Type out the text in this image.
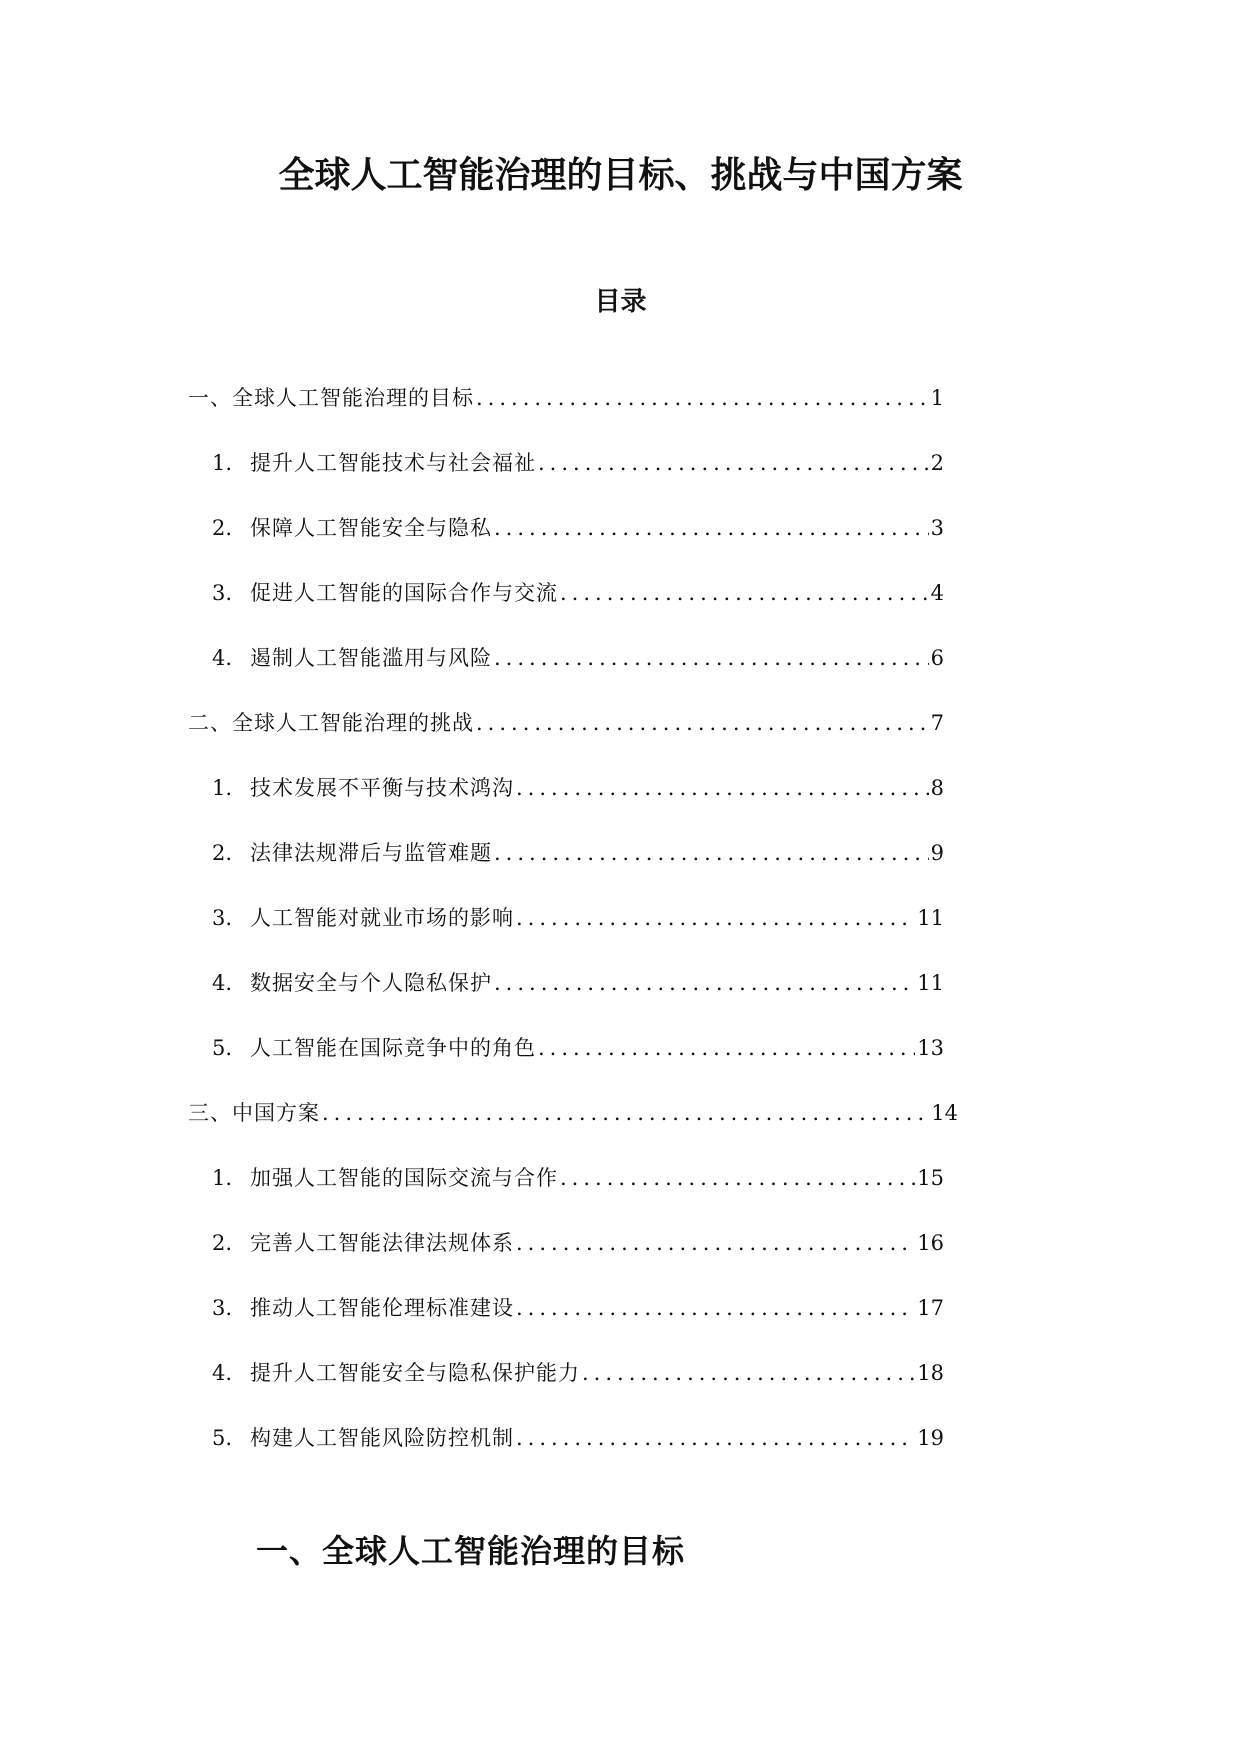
全球人工智能治理的目标、挑战与中国方案
目录
一、全球人工智能治理的目标 .....	1
1. 提升人工智能技术与社会福祉 .....	2
2. 保障人工智能安全与隐私 .....	3
3. 促进人工智能的国际合作与交流 .....	4
4. 遏制人工智能滥用与风险 .....	6
二、全球人工智能治理的挑战 .....	7
1. 技术发展不平衡与技术鸿沟 .....	8
2. 法律法规滞后与监管难题 .....	9
3. 人工智能对就业市场的影响 .....	11
4. 数据安全与个人隐私保护 .....	11
5. 人工智能在国际竞争中的角色 .....	13
三、中国方案 .....	14
1. 加强人工智能的国际交流与合作 .....	15
2. 完善人工智能法律法规体系 .....	16
3. 推动人工智能伦理标准建设 .....	17
4. 提升人工智能安全与隐私保护能力 .....	18
5. 构建人工智能风险防控机制 .....	19
一、全球人工智能治理的目标
